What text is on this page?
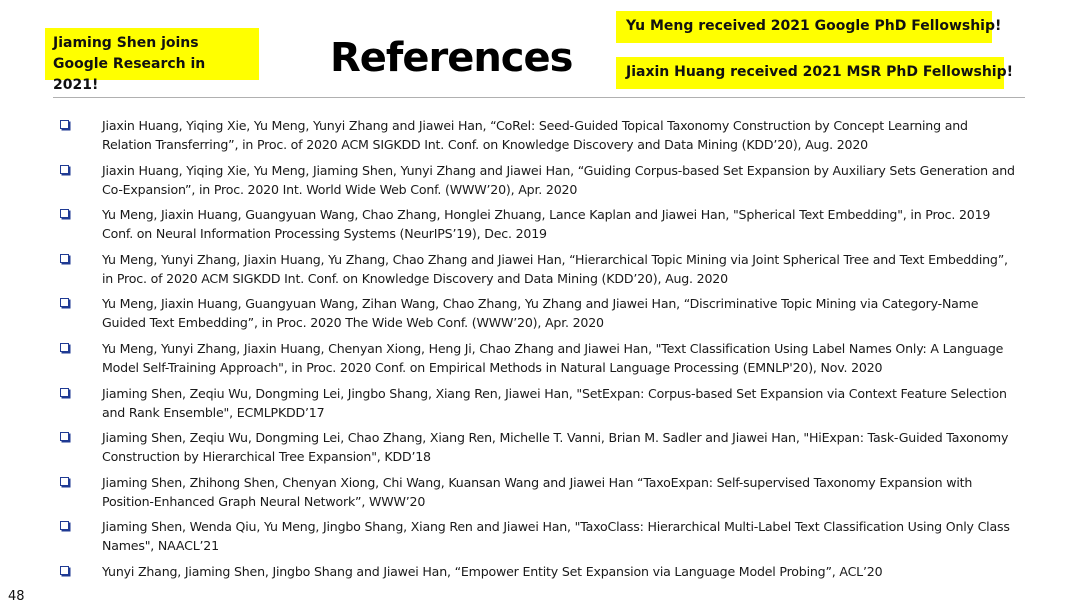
Jiaming Shen joins Google Research in 2021!
References
Yu Meng received 2021 Google PhD Fellowship!
Jiaxin Huang received 2021 MSR PhD Fellowship!
Jiaxin Huang, Yiqing Xie, Yu Meng, Yunyi Zhang and Jiawei Han, “CoRel: Seed-Guided Topical Taxonomy Construction by Concept Learning and Relation Transferring”, in Proc. of 2020 ACM SIGKDD Int. Conf. on Knowledge Discovery and Data Mining (KDD’20), Aug. 2020
Jiaxin Huang, Yiqing Xie, Yu Meng, Jiaming Shen, Yunyi Zhang and Jiawei Han, “Guiding Corpus-based Set Expansion by Auxiliary Sets Generation and Co-Expansion”, in Proc. 2020 Int. World Wide Web Conf. (WWW’20), Apr. 2020
Yu Meng, Jiaxin Huang, Guangyuan Wang, Chao Zhang, Honglei Zhuang, Lance Kaplan and Jiawei Han, "Spherical Text Embedding", in Proc. 2019 Conf. on Neural Information Processing Systems (NeurIPS’19), Dec. 2019
Yu Meng, Yunyi Zhang, Jiaxin Huang, Yu Zhang, Chao Zhang and Jiawei Han, “Hierarchical Topic Mining via Joint Spherical Tree and Text Embedding”, in Proc. of 2020 ACM SIGKDD Int. Conf. on Knowledge Discovery and Data Mining (KDD’20), Aug. 2020
Yu Meng, Jiaxin Huang, Guangyuan Wang, Zihan Wang, Chao Zhang, Yu Zhang and Jiawei Han, “Discriminative Topic Mining via Category-Name Guided Text Embedding”, in Proc. 2020 The Wide Web Conf. (WWW’20), Apr. 2020
Yu Meng, Yunyi Zhang, Jiaxin Huang, Chenyan Xiong, Heng Ji, Chao Zhang and Jiawei Han, "Text Classification Using Label Names Only: A Language Model Self-Training Approach", in Proc. 2020 Conf. on Empirical Methods in Natural Language Processing (EMNLP'20), Nov. 2020
Jiaming Shen, Zeqiu Wu, Dongming Lei, Jingbo Shang, Xiang Ren, Jiawei Han, "SetExpan: Corpus-based Set Expansion via Context Feature Selection and Rank Ensemble", ECMLPKDD’17
Jiaming Shen, Zeqiu Wu, Dongming Lei, Chao Zhang, Xiang Ren, Michelle T. Vanni, Brian M. Sadler and Jiawei Han, "HiExpan: Task-Guided Taxonomy Construction by Hierarchical Tree Expansion", KDD’18
Jiaming Shen, Zhihong Shen, Chenyan Xiong, Chi Wang, Kuansan Wang and Jiawei Han “TaxoExpan: Self-supervised Taxonomy Expansion with Position-Enhanced Graph Neural Network”, WWW’20
Jiaming Shen, Wenda Qiu, Yu Meng, Jingbo Shang, Xiang Ren and Jiawei Han, "TaxoClass: Hierarchical Multi-Label Text Classification Using Only Class Names", NAACL’21
Yunyi Zhang, Jiaming Shen, Jingbo Shang and Jiawei Han, “Empower Entity Set Expansion via Language Model Probing”, ACL’20
48
